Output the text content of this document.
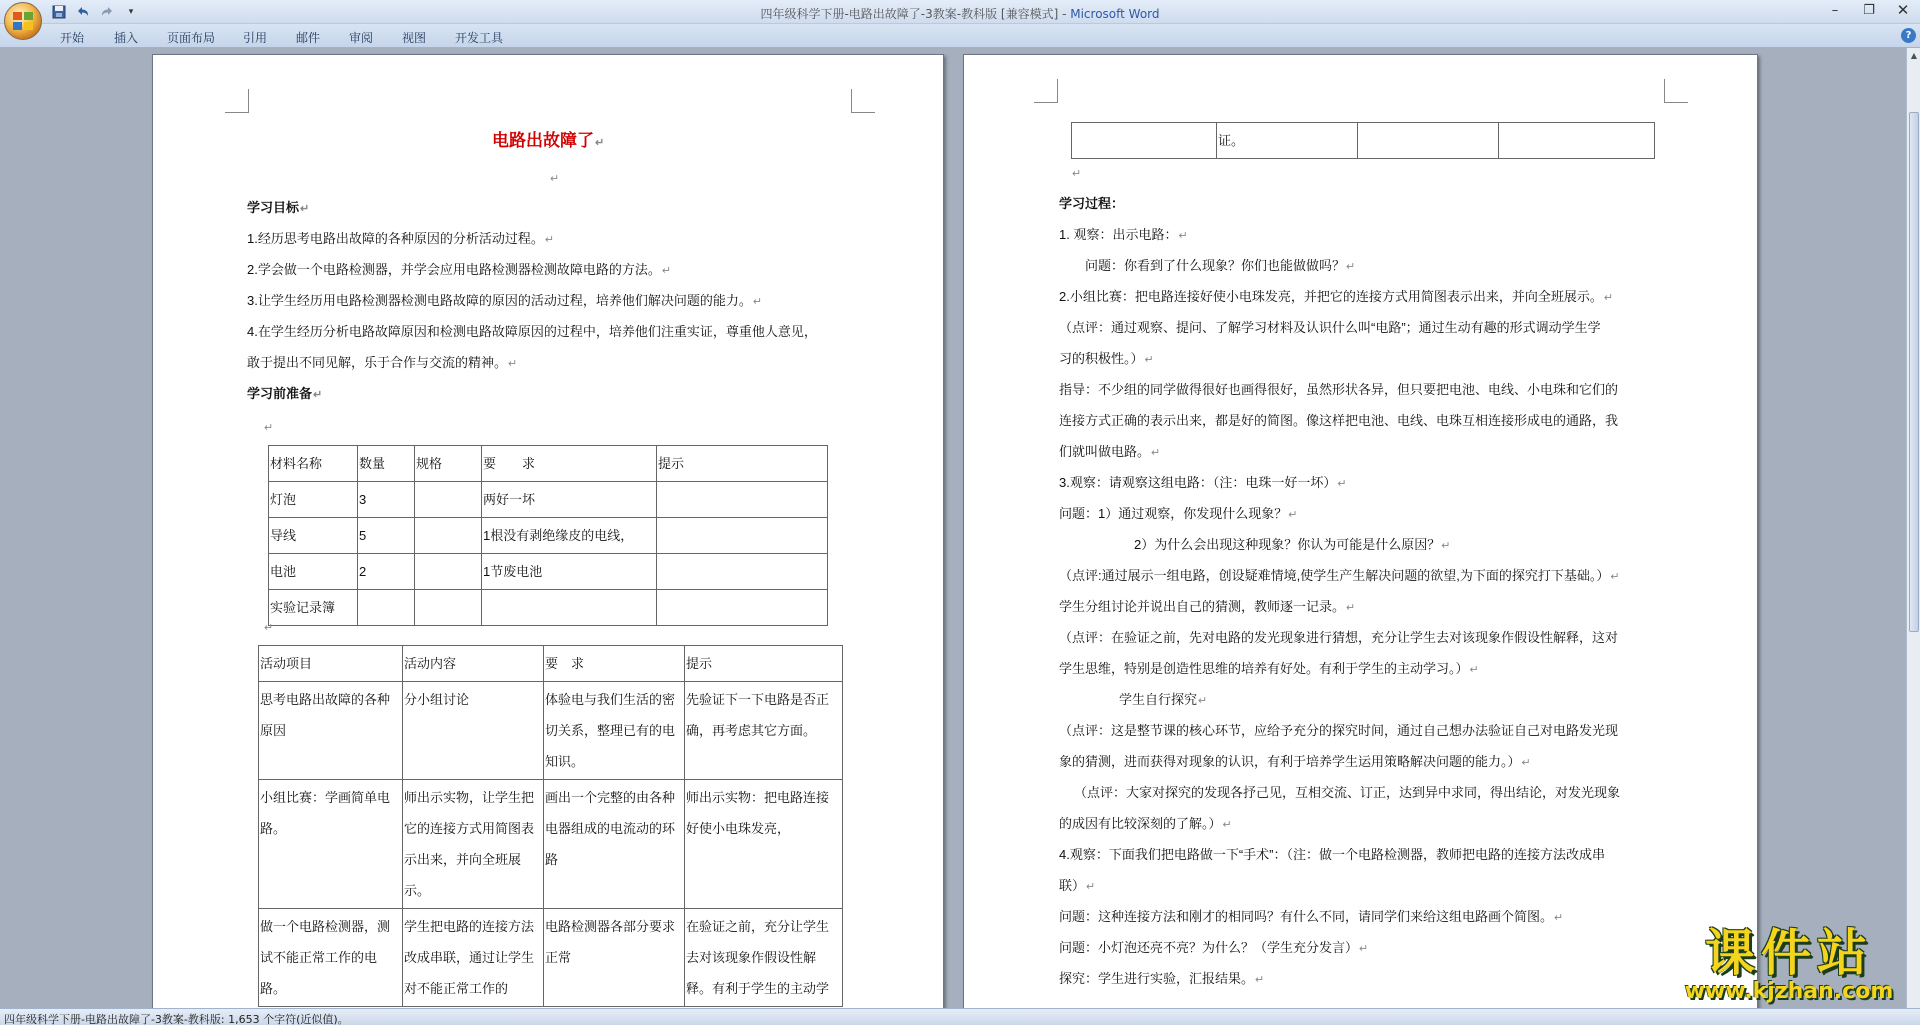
▾	四年级科学下册-电路出故障了-3教案-教科版 [兼容模式] - Microsoft Word	–	❐	✕
开始 插入 页面布局 引用 邮件 审阅 视图 开发工具	?
电路出故障了↵
↵
学习目标↵
1.经历思考电路出故障的各种原因的分析活动过程。↵
2.学会做一个电路检测器，并学会应用电路检测器检测故障电路的方法。↵
3.让学生经历用电路检测器检测电路故障的原因的活动过程，培养他们解决问题的能力。↵
4.在学生经历分析电路故障原因和检测电路故障原因的过程中，培养他们注重实证，尊重他人意见，
敢于提出不同见解，乐于合作与交流的精神。↵
学习前准备↵
↵
材料名称	数量	规格	要　　求	提示
灯泡	3		两好一坏	
导线	5		1根没有剥绝缘皮的电线，	
电池	2		1节废电池	
实验记录簿				
↵
活动项目	活动内容	要　求	提示
思考电路出故障的各种原因	分小组讨论	体验电与我们生活的密切关系，整理已有的电知识。	先验证下一下电路是否正确，再考虑其它方面。
小组比赛：学画简单电路。	师出示实物，让学生把它的连接方式用简图表示出来，并向全班展示。	画出一个完整的由各种电器组成的电流动的环路	师出示实物：把电路连接好使小电珠发亮，
做一个电路检测器，测试不能正常工作的电路。	学生把电路的连接方法改成串联，通过让学生对不能正常工作的	电路检测器各部分要求正常	在验证之前，充分让学生去对该现象作假设性解释。有利于学生的主动学
	证。		
↵
学习过程：
1. 观察：出示电路：↵
　　问题：你看到了什么现象？你们也能做做吗？↵
2.小组比赛：把电路连接好使小电珠发亮，并把它的连接方式用简图表示出来，并向全班展示。↵
（点评：通过观察、提问、了解学习材料及认识什么叫“电路”；通过生动有趣的形式调动学生学
习的积极性。）↵
指导：不少组的同学做得很好也画得很好，虽然形状各异，但只要把电池、电线、小电珠和它们的
连接方式正确的表示出来，都是好的简图。像这样把电池、电线、电珠互相连接形成电的通路，我
们就叫做电路。↵
3.观察：请观察这组电路：（注：电珠一好一坏）↵
问题：1）通过观察，你发现什么现象？↵
2）为什么会出现这种现象？你认为可能是什么原因？↵
（点评:通过展示一组电路，创设疑难情境,使学生产生解决问题的欲望,为下面的探究打下基础。）↵
学生分组讨论并说出自己的猜测，教师逐一记录。↵
（点评：在验证之前，先对电路的发光现象进行猜想，充分让学生去对该现象作假设性解释，这对
学生思维，特别是创造性思维的培养有好处。有利于学生的主动学习。）↵
学生自行探究↵
（点评：这是整节课的核心环节，应给予充分的探究时间，通过自己想办法验证自己对电路发光现
象的猜测，进而获得对现象的认识，有利于培养学生运用策略解决问题的能力。）↵
（点评：大家对探究的发现各抒己见，互相交流、订正，达到异中求同，得出结论，对发光现象
的成因有比较深刻的了解。）↵
4.观察：下面我们把电路做一下“手术”：（注：做一个电路检测器，教师把电路的连接方法改成串
联）↵
问题：这种连接方法和刚才的相同吗？有什么不同，请同学们来给这组电路画个简图。↵
问题：小灯泡还亮不亮？为什么？（学生充分发言）↵
探究：学生进行实验，汇报结果。↵
▲
四年级科学下册-电路出故障了-3教案-教科版: 1,653 个字符(近似值)。
课件站
www.kjzhan.com
